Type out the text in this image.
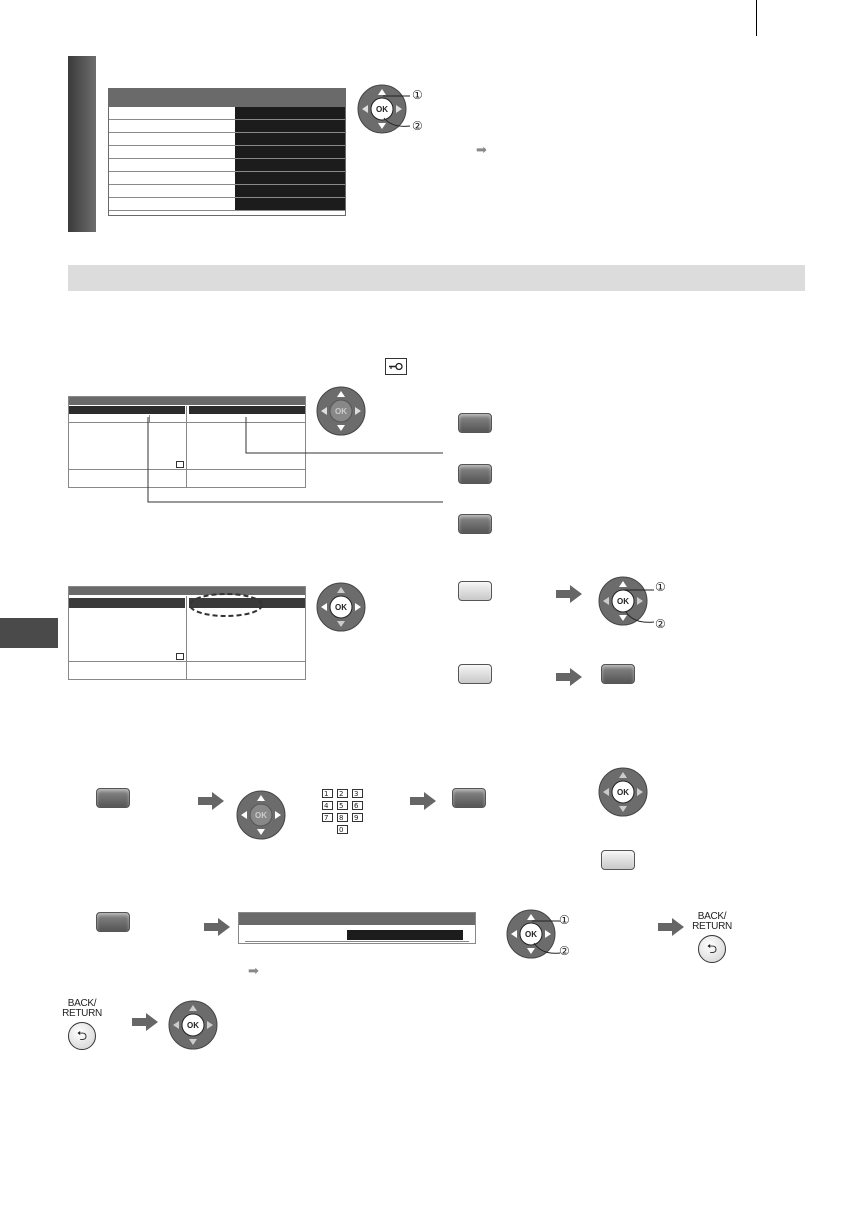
OK
①
②
➡
OK
OK
OK
①
②
OK
1	2	3
4	5	6
7	8	9
0
OK
➡
OK
①
②
BACK/
RETURN
⮌
BACK/
RETURN
⮌
OK
